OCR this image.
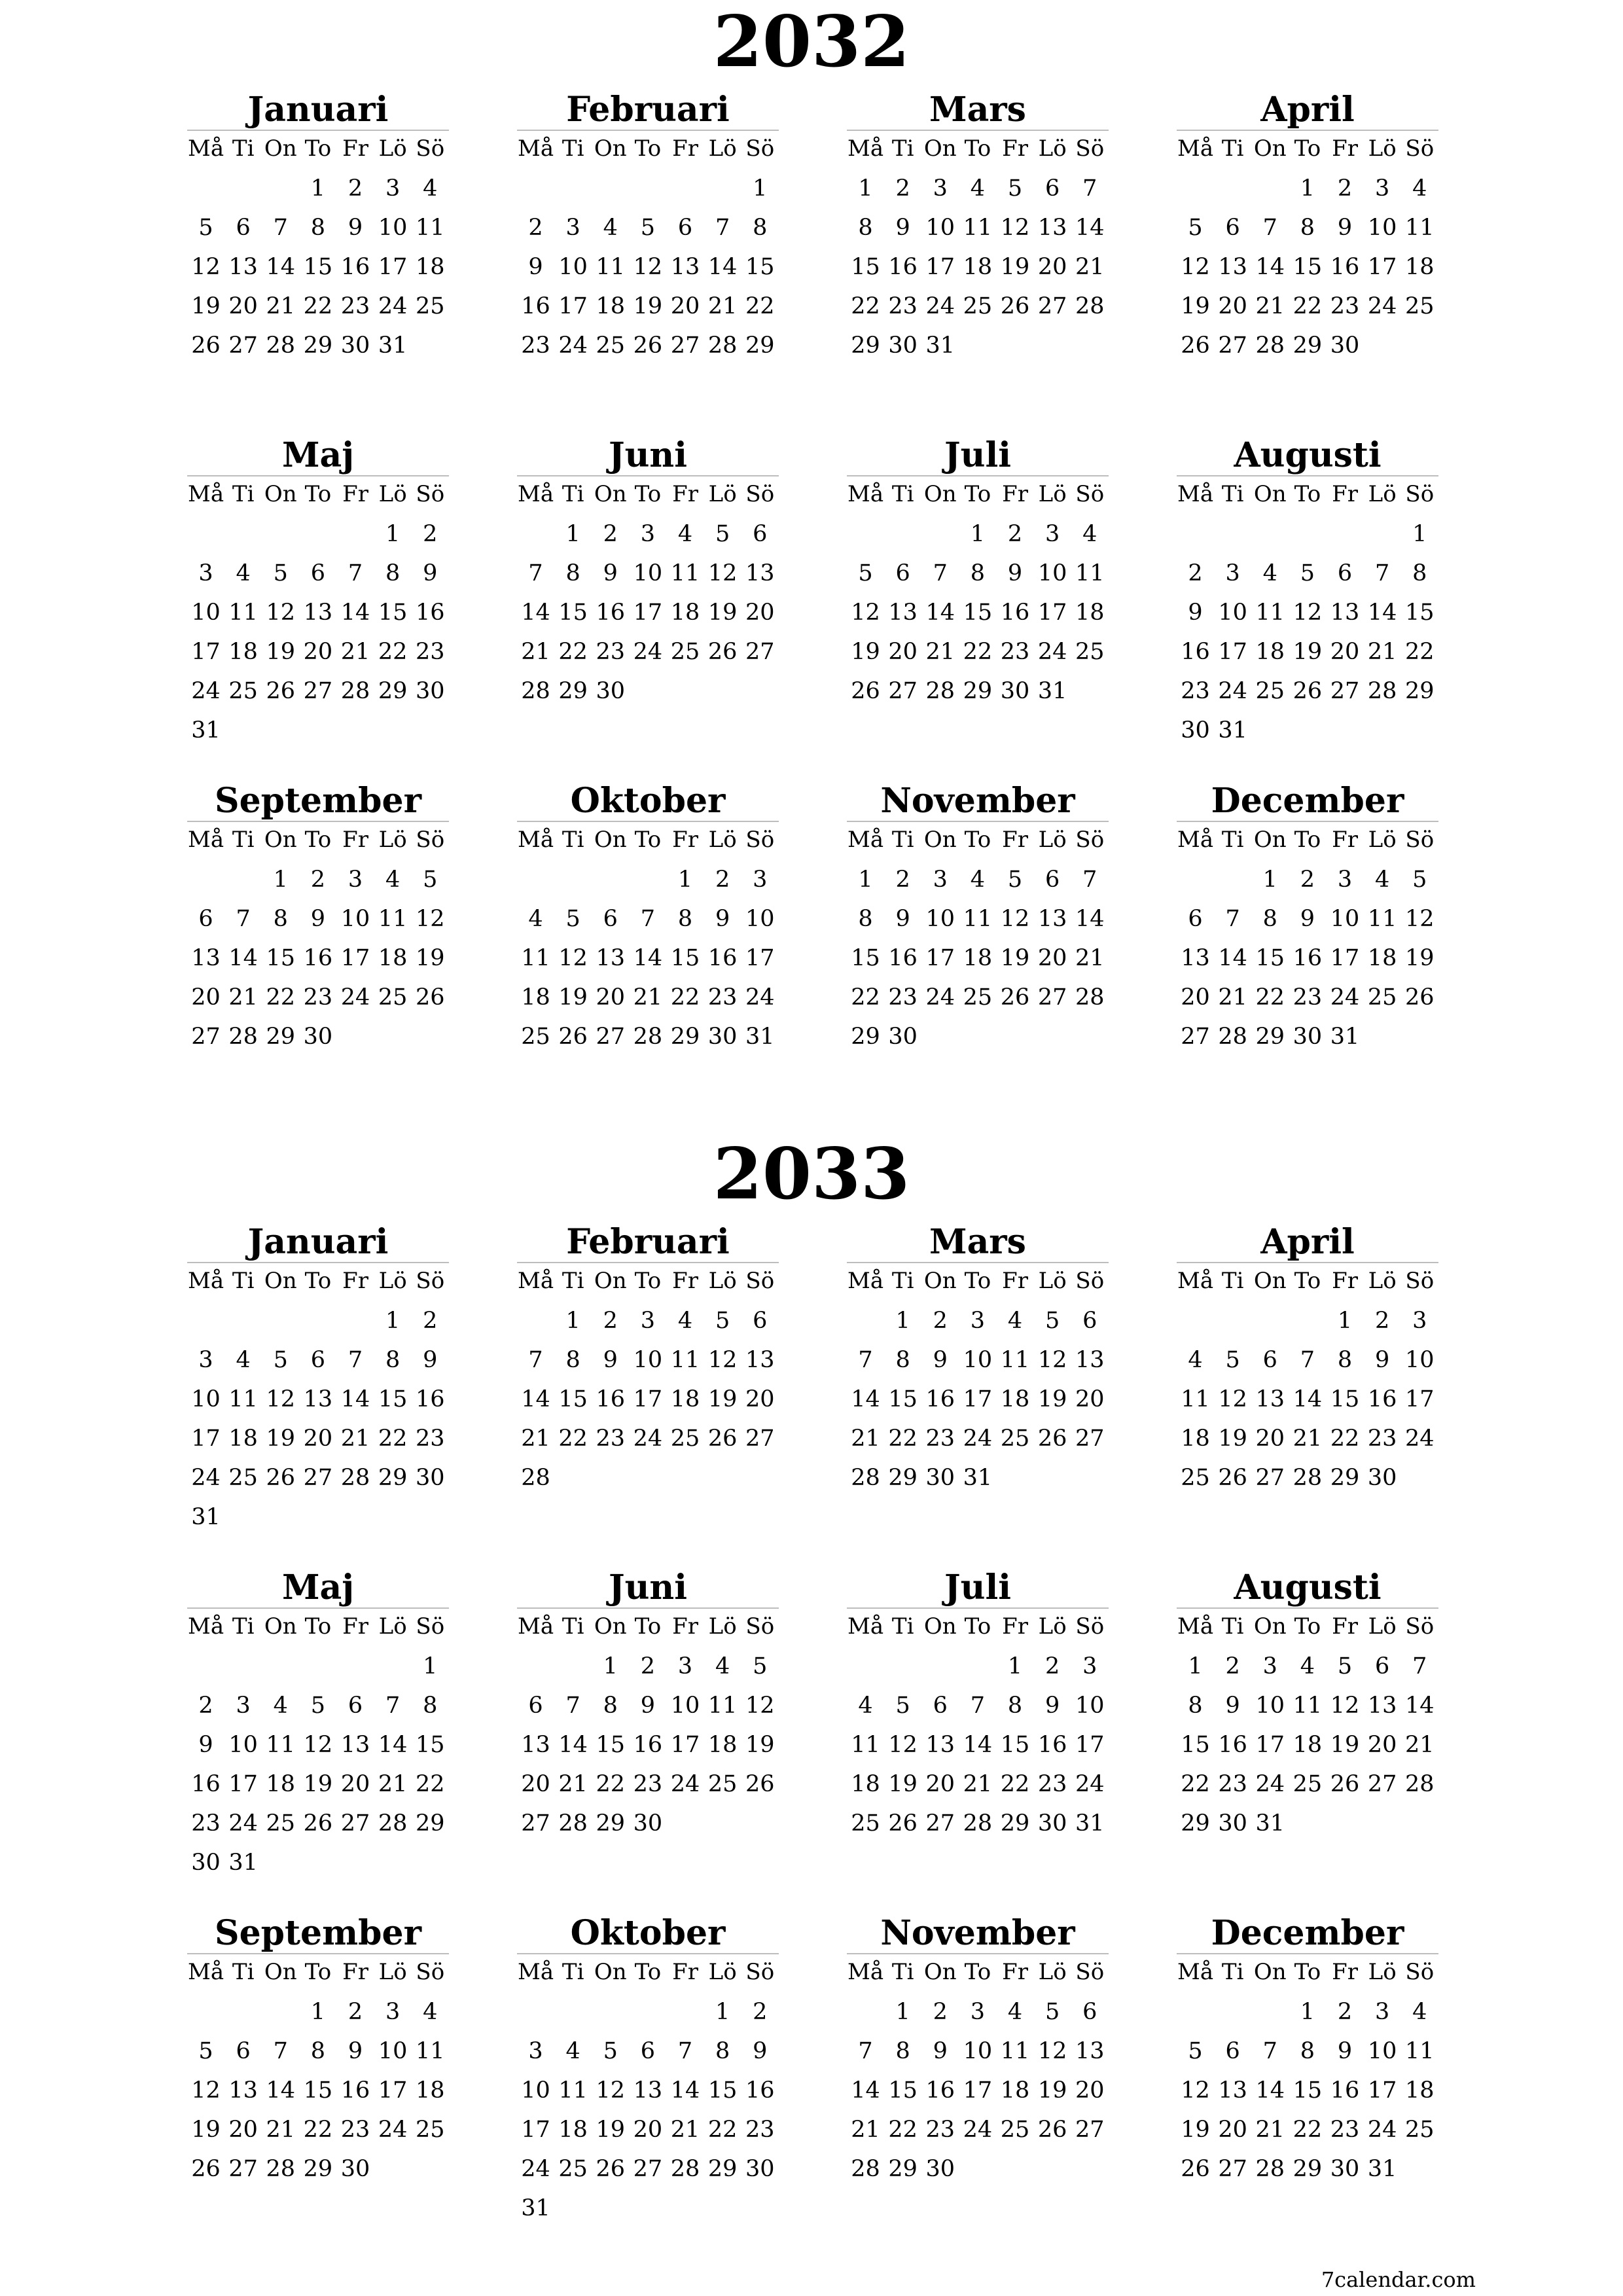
2032
Januari
Må Ti On To Fr Lö Sö
1 2 3 4
5 6 7 8 9 10 11
12 13 14 15 16 17 18
19 20 21 22 23 24 25
26 27 28 29 30 31
Februari
Må Ti On To Fr Lö Sö
1
2 3 4 5 6 7 8
9 10 11 12 13 14 15
16 17 18 19 20 21 22
23 24 25 26 27 28 29
Mars
Må Ti On To Fr Lö Sö
1 2 3 4 5 6 7
8 9 10 11 12 13 14
15 16 17 18 19 20 21
22 23 24 25 26 27 28
29 30 31
April
Må Ti On To Fr Lö Sö
1 2 3 4
5 6 7 8 9 10 11
12 13 14 15 16 17 18
19 20 21 22 23 24 25
26 27 28 29 30
Maj
Må Ti On To Fr Lö Sö
1 2
3 4 5 6 7 8 9
10 11 12 13 14 15 16
17 18 19 20 21 22 23
24 25 26 27 28 29 30
31
Juni
Må Ti On To Fr Lö Sö
1 2 3 4 5 6
7 8 9 10 11 12 13
14 15 16 17 18 19 20
21 22 23 24 25 26 27
28 29 30
Juli
Må Ti On To Fr Lö Sö
1 2 3 4
5 6 7 8 9 10 11
12 13 14 15 16 17 18
19 20 21 22 23 24 25
26 27 28 29 30 31
Augusti
Må Ti On To Fr Lö Sö
1
2 3 4 5 6 7 8
9 10 11 12 13 14 15
16 17 18 19 20 21 22
23 24 25 26 27 28 29
30 31
September
Må Ti On To Fr Lö Sö
1 2 3 4 5
6 7 8 9 10 11 12
13 14 15 16 17 18 19
20 21 22 23 24 25 26
27 28 29 30
Oktober
Må Ti On To Fr Lö Sö
1 2 3
4 5 6 7 8 9 10
11 12 13 14 15 16 17
18 19 20 21 22 23 24
25 26 27 28 29 30 31
November
Må Ti On To Fr Lö Sö
1 2 3 4 5 6 7
8 9 10 11 12 13 14
15 16 17 18 19 20 21
22 23 24 25 26 27 28
29 30
December
Må Ti On To Fr Lö Sö
1 2 3 4 5
6 7 8 9 10 11 12
13 14 15 16 17 18 19
20 21 22 23 24 25 26
27 28 29 30 31
2033
Januari
Må Ti On To Fr Lö Sö
1 2
3 4 5 6 7 8 9
10 11 12 13 14 15 16
17 18 19 20 21 22 23
24 25 26 27 28 29 30
31
Februari
Må Ti On To Fr Lö Sö
1 2 3 4 5 6
7 8 9 10 11 12 13
14 15 16 17 18 19 20
21 22 23 24 25 26 27
28
Mars
Må Ti On To Fr Lö Sö
1 2 3 4 5 6
7 8 9 10 11 12 13
14 15 16 17 18 19 20
21 22 23 24 25 26 27
28 29 30 31
April
Må Ti On To Fr Lö Sö
1 2 3
4 5 6 7 8 9 10
11 12 13 14 15 16 17
18 19 20 21 22 23 24
25 26 27 28 29 30
Maj
Må Ti On To Fr Lö Sö
1
2 3 4 5 6 7 8
9 10 11 12 13 14 15
16 17 18 19 20 21 22
23 24 25 26 27 28 29
30 31
Juni
Må Ti On To Fr Lö Sö
1 2 3 4 5
6 7 8 9 10 11 12
13 14 15 16 17 18 19
20 21 22 23 24 25 26
27 28 29 30
Juli
Må Ti On To Fr Lö Sö
1 2 3
4 5 6 7 8 9 10
11 12 13 14 15 16 17
18 19 20 21 22 23 24
25 26 27 28 29 30 31
Augusti
Må Ti On To Fr Lö Sö
1 2 3 4 5 6 7
8 9 10 11 12 13 14
15 16 17 18 19 20 21
22 23 24 25 26 27 28
29 30 31
September
Må Ti On To Fr Lö Sö
1 2 3 4
5 6 7 8 9 10 11
12 13 14 15 16 17 18
19 20 21 22 23 24 25
26 27 28 29 30
Oktober
Må Ti On To Fr Lö Sö
1 2
3 4 5 6 7 8 9
10 11 12 13 14 15 16
17 18 19 20 21 22 23
24 25 26 27 28 29 30
31
November
Må Ti On To Fr Lö Sö
1 2 3 4 5 6
7 8 9 10 11 12 13
14 15 16 17 18 19 20
21 22 23 24 25 26 27
28 29 30
December
Må Ti On To Fr Lö Sö
1 2 3 4
5 6 7 8 9 10 11
12 13 14 15 16 17 18
19 20 21 22 23 24 25
26 27 28 29 30 31
7calendar.com
